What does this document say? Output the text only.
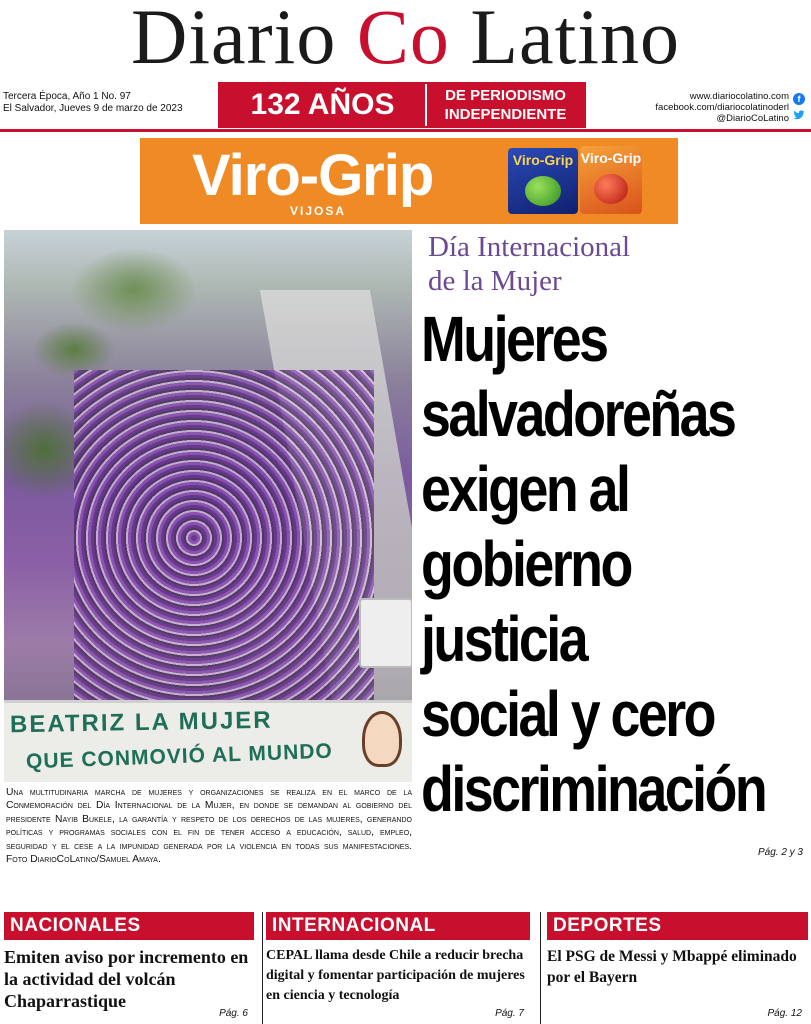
Diario Co Latino
Tercera Época, Año 1 No. 97
El Salvador, Jueves 9 de marzo de 2023	132 AÑOS	DE PERIODISMO
INDEPENDIENTE
www.diariocolatino.com
facebook.com/diariocolatinoderl
@DiarioCoLatino
f
Viro-Grip
VIJOSA
Viro-Grip Viro-Grip
BEATRIZ LA MUJER
QUE CONMOVIÓ AL MUNDO

Una multitudinaria marcha de mujeres y organizaciones se realiza en el marco de la Conmemoración del Día Internacional de la Mujer, en donde se demandan al gobierno del presidente Nayib Bukele, la garantía y respeto de los derechos de las mujeres, generando políticas y programas sociales con el fin de tener acceso a educación, salud, empleo, seguridad y el cese a la impunidad generada por la violencia en todas sus manifestaciones. Foto DiarioCoLatino/Samuel Amaya.

Día Internacional
de la Mujer
Mujeres
salvadoreñas
exigen al
gobierno
justicia
social y cero
discriminación
Pág. 2 y 3
NACIONALES
Emiten aviso por incremento en la actividad del volcán Chaparrastique
Pág. 6
INTERNACIONAL
CEPAL llama desde Chile a reducir brecha digital y fomentar participación de mujeres en ciencia y tecnología
Pág. 7
DEPORTES
El PSG de Messi y Mbappé eliminado por el Bayern
Pág. 12
